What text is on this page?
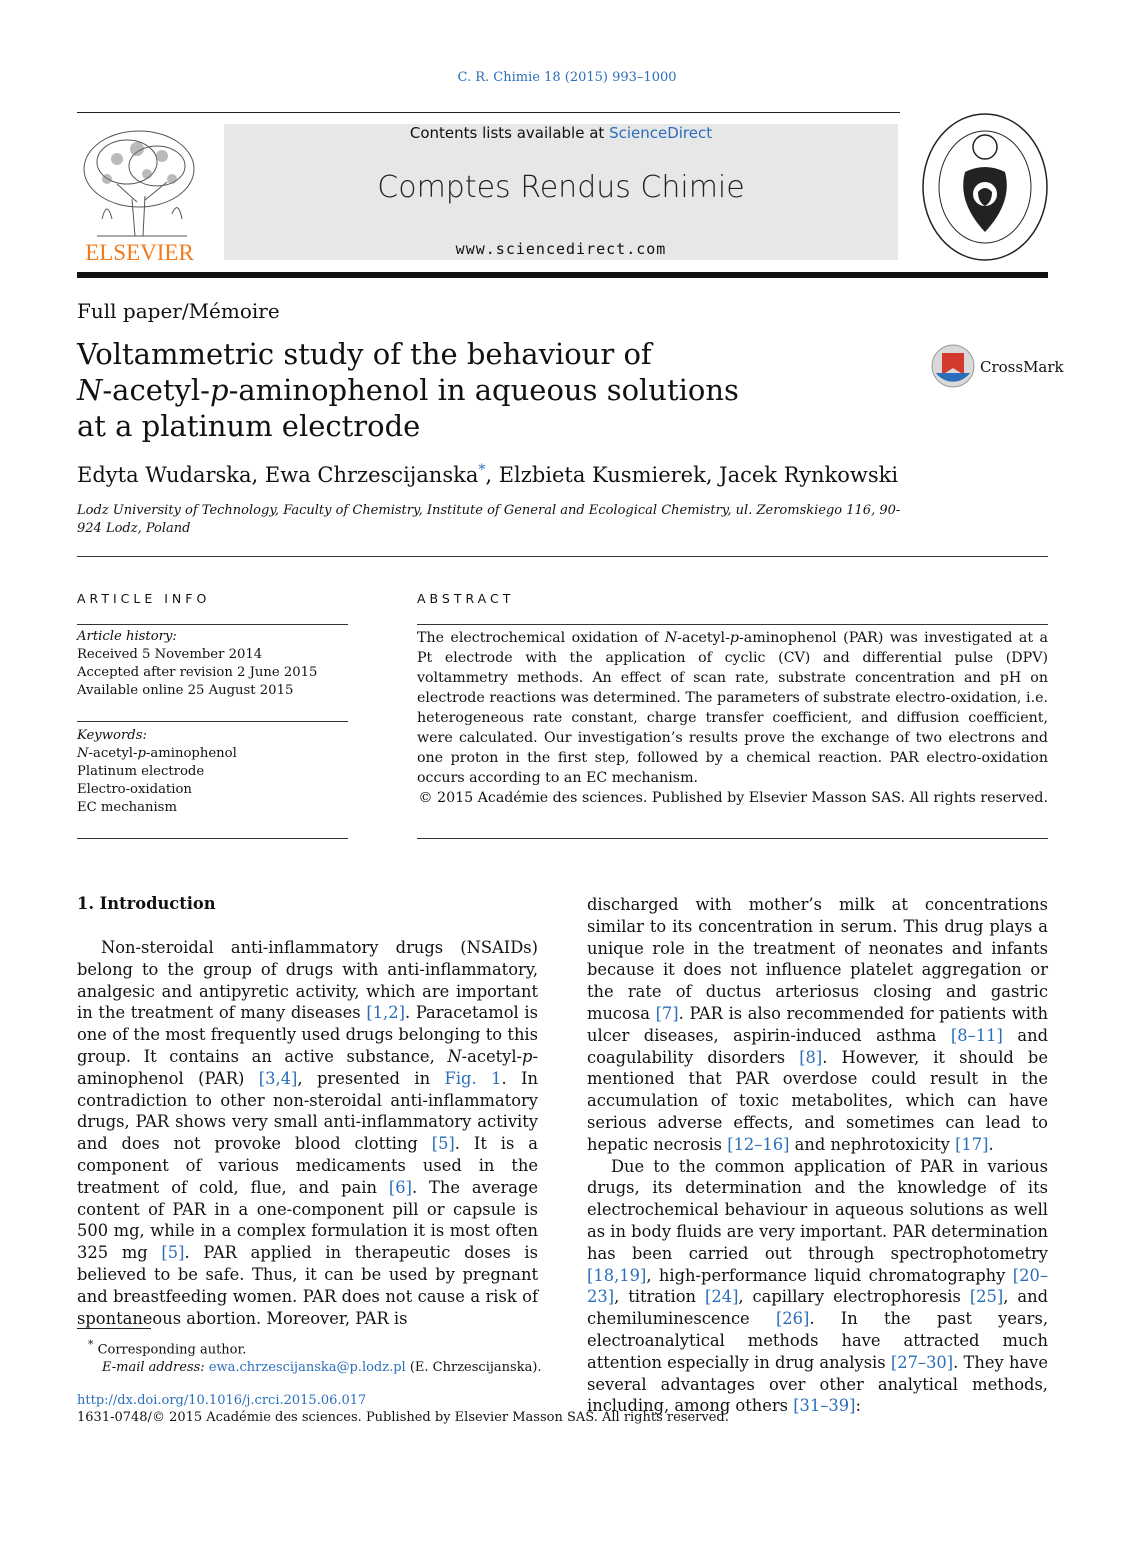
C. R. Chimie 18 (2015) 993–1000
ELSEVIER
Contents lists available at ScienceDirect
Comptes Rendus Chimie
www.sciencedirect.com
Full paper/Mémoire
Voltammetric study of the behaviour of
N-acetyl-p-aminophenol in aqueous solutions
at a platinum electrode
CrossMark
Edyta Wudarska, Ewa Chrzescijanska*, Elzbieta Kusmierek, Jacek Rynkowski
Lodz University of Technology, Faculty of Chemistry, Institute of General and Ecological Chemistry, ul. Zeromskiego 116, 90-924 Lodz, Poland
ARTICLE INFO	ABSTRACT
Article history:
Received 5 November 2014
Accepted after revision 2 June 2015
Available online 25 August 2015
Keywords:
N-acetyl-p-aminophenol
Platinum electrode
Electro-oxidation
EC mechanism
The electrochemical oxidation of N-acetyl-p-aminophenol (PAR) was investigated at a Pt electrode with the application of cyclic (CV) and differential pulse (DPV) voltammetry methods. An effect of scan rate, substrate concentration and pH on electrode reactions was determined. The parameters of substrate electro-oxidation, i.e. heterogeneous rate constant, charge transfer coefficient, and diffusion coefficient, were calculated. Our investigation’s results prove the exchange of two electrons and one proton in the first step, followed by a chemical reaction. PAR electro-oxidation occurs according to an EC mechanism.
© 2015 Académie des sciences. Published by Elsevier Masson SAS. All rights reserved.
1. Introduction

Non-steroidal anti-inflammatory drugs (NSAIDs) belong to the group of drugs with anti-inflammatory, analgesic and antipyretic activity, which are important in the treatment of many diseases [1,2]. Paracetamol is one of the most frequently used drugs belonging to this group. It contains an active substance, N-acetyl-p-aminophenol (PAR) [3,4], presented in Fig. 1. In contradiction to other non-steroidal anti-inflammatory drugs, PAR shows very small anti-inflammatory activity and does not provoke blood clotting [5]. It is a component of various medicaments used in the treatment of cold, flue, and pain [6]. The average content of PAR in a one-component pill or capsule is 500 mg, while in a complex formulation it is most often 325 mg [5]. PAR applied in therapeutic doses is believed to be safe. Thus, it can be used by pregnant and breastfeeding women. PAR does not cause a risk of spontaneous abortion. Moreover, PAR is

discharged with mother’s milk at concentrations similar to its concentration in serum. This drug plays a unique role in the treatment of neonates and infants because it does not influence platelet aggregation or the rate of ductus arteriosus closing and gastric mucosa [7]. PAR is also recommended for patients with ulcer diseases, aspirin-induced asthma [8–11] and coagulability disorders [8]. However, it should be mentioned that PAR overdose could result in the accumulation of toxic metabolites, which can have serious adverse effects, and sometimes can lead to hepatic necrosis [12–16] and nephrotoxicity [17].

Due to the common application of PAR in various drugs, its determination and the knowledge of its electrochemical behaviour in aqueous solutions as well as in body fluids are very important. PAR determination has been carried out through spectrophotometry [18,19], high-performance liquid chromatography [20–23], titration [24], capillary electrophoresis [25], and chemiluminescence [26]. In the past years, electroanalytical methods have attracted much attention especially in drug analysis [27–30]. They have several advantages over other analytical methods, including, among others [31–39]:

* Corresponding author.
E-mail address: ewa.chrzescijanska@p.lodz.pl (E. Chrzescijanska).
http://dx.doi.org/10.1016/j.crci.2015.06.017
1631-0748/© 2015 Académie des sciences. Published by Elsevier Masson SAS. All rights reserved.
